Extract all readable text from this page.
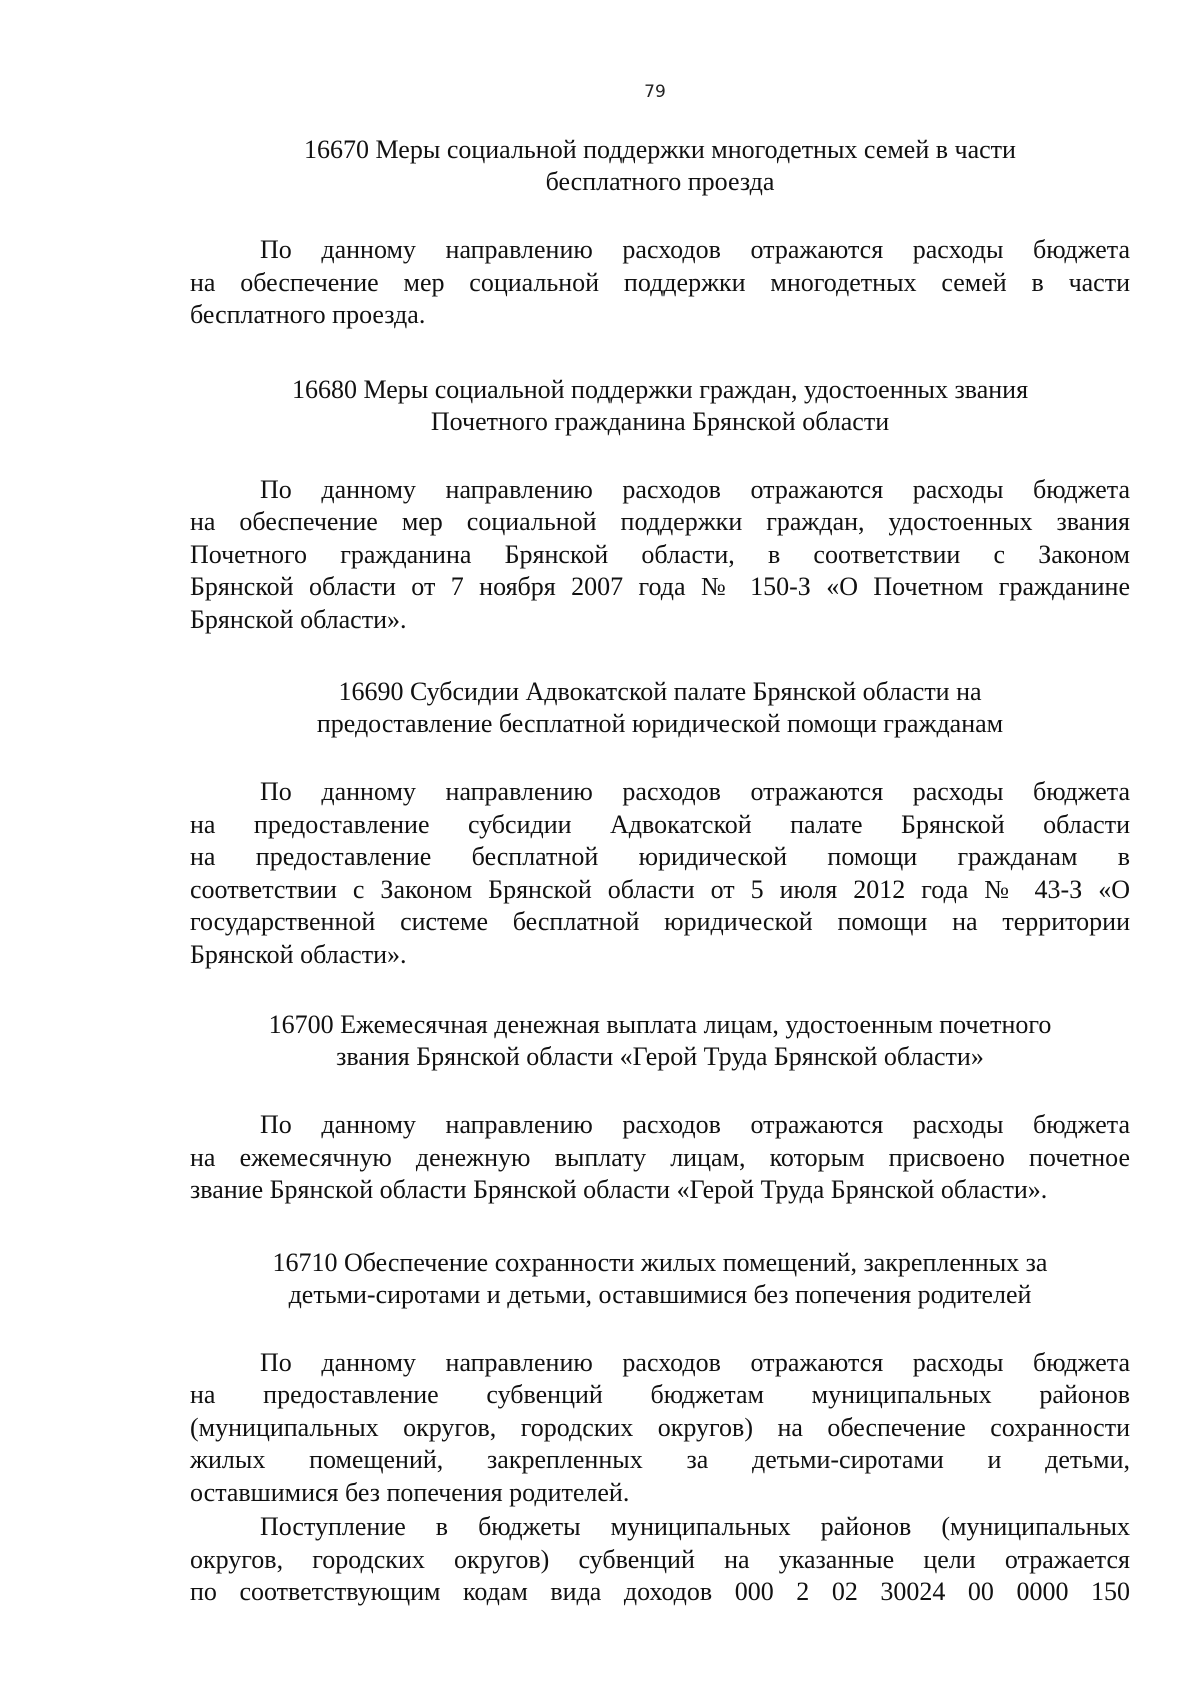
79
16670 Меры социальной поддержки многодетных семей в части
бесплатного проезда
По данному направлению расходов отражаются расходы бюджета
на обеспечение мер социальной поддержки многодетных семей в части
бесплатного проезда.
16680 Меры социальной поддержки граждан, удостоенных звания
Почетного гражданина Брянской области
По данному направлению расходов отражаются расходы бюджета
на обеспечение мер социальной поддержки граждан, удостоенных звания
Почетного гражданина Брянской области, в соответствии с Законом
Брянской области от 7 ноября 2007 года № 150-З «О Почетном гражданине
Брянской области».
16690 Субсидии Адвокатской палате Брянской области на
предоставление бесплатной юридической помощи гражданам
По данному направлению расходов отражаются расходы бюджета
на предоставление субсидии Адвокатской палате Брянской области
на предоставление бесплатной юридической помощи гражданам в
соответствии с Законом Брянской области от 5 июля 2012 года № 43-З «О
государственной системе бесплатной юридической помощи на территории
Брянской области».
16700 Ежемесячная денежная выплата лицам, удостоенным почетного
звания Брянской области «Герой Труда Брянской области»
По данному направлению расходов отражаются расходы бюджета
на ежемесячную денежную выплату лицам, которым присвоено почетное
звание Брянской области Брянской области «Герой Труда Брянской области».
16710 Обеспечение сохранности жилых помещений, закрепленных за
детьми-сиротами и детьми, оставшимися без попечения родителей
По данному направлению расходов отражаются расходы бюджета
на предоставление субвенций бюджетам муниципальных районов
(муниципальных округов, городских округов) на обеспечение сохранности
жилых помещений, закрепленных за детьми-сиротами и детьми,
оставшимися без попечения родителей.
Поступление в бюджеты муниципальных районов (муниципальных
округов, городских округов) субвенций на указанные цели отражается
по соответствующим кодам вида доходов 000 2 02 30024 00 0000 150
